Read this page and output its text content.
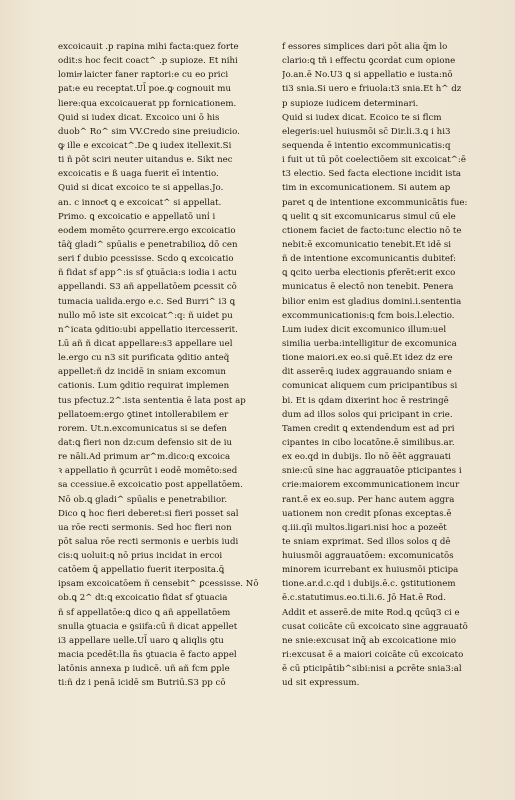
excoicauit .p rapina mihi facta:quez forte
odit:s hoc fecit coact^ .p supioze. Et nihi
lominͣ laicter faner raptori:e cu eo prici
pat:e eu receptat.Ul̄ poe.ꝙ cognouit mu
liere:qua excoicauerat pp fornicationem.
Quid si iudex dicat. Excoico uni ō his
duob^ Ro^ sim VV.Credo sine preiudicio.
ꝙ ille e excoicat^.De ꝗ iudex itellexit.Si
ti ñ pōt sciri neuter uitandus e. Sikt nec
excoicatis e ß uaga fuerit eī intentio.
Quid si dicat excoico te si appellas.Jo.
an. c innocͣt ꝗ e excoicat^ si appellat.
Primo. ꝗ excoicatio e appellatō uni̾ i
eodem momēto ꝯcurrere.ergo excoicatio
tāq̃ gladi^ spūalis e penetrabilioꝝ dō cen
seri f dubio ꝑcessisse. Scdo ꝗ excoicatio
ñ fidat sf app^:is sf ꝯtuācia:s iodia i actu
appellandi. S3 añ appellatōem ꝑcessit cō
tumacia ualida.ergo e.c. Sed Burri^ i3 ꝗ
nullo mō iste sit excoicat^:q: ñ uidet pu
n^icata ꝯditio:ubi appellatio itercesserit.
Lū añ ñ dicat appellare:s3 appellare uel
le.ergo cu n3 sit purificata ꝯditio anteq̃
appellet:ñ dz incidē in sniam excomun
cationis. Lum ꝯditio requirat implemen
tus pfectuz.2^.ista sententia ē lata post ap
pellatoem:ergo ꝯtinet intollerabilem er
rorem. Ut.n.excomunicatus si se defen
dat:ꝗ fieri non dz:cum defensio sit de iu
re nāli.Ad primum ar^m.dico:ꝗ excoica
ꝛ appellatio ñ ꝯcurrūt i eodē momēto:sed
sa ccessiue.ē excoicatio post appellatōem.
Nō ob.ꝗ gladi^ spūalis e penetrabilior.
Dico ꝗ hoc fieri deberet:si fieri posset sal
ua rōe recti sermonis. Sed hoc fieri non
pōt salua rōe recti sermonis e uerbis iudi
cis:ꝗ uoluit:ꝗ nō prius incidat in ercoi
catōem ꝗ̄ appellatio fuerit iterposita.ꝗ̄
ipsam excoicatōem ñ censebit^ ꝑcessisse. Nō
ob.ꝗ 2^ dt:ꝗ excoicatio fidat sf ꝯtuacia
ñ sf appellatōe:ꝗ dico ꝗ añ appellatōem
snulla ꝯtuacia e ꝯsiifa:cū ñ dicat appellet
i3 appellare uelle.Ul̄ uaro ꝗ aliqlis ꝯtu
macia pcedēt:lla n̄s ꝯtuacia ē facto appel
latōnis annexa p iudicē. uñ añ fcm ꝑple
ti:ñ dz i penā icidē sm Butriū.S3 pp cō
f essores simplices dari pōt alia q̄m lo
clario:ꝗ tñ i effectu ꝯcordat cum opione
Jo.an.ē No.U3 ꝗ si appellatio e iusta:nō
ti3 snia.Si uero e friuola:t3 snia.Et h^ dz
p supioze iudicem determinari.
Quid si iudex dicat. Ecoico te si flcm
elegeris:uel huiusmōi sc̄ Dir.li.3.ꝗ i hi3
sequenda ē intentio excommunicatis:q
i fuit ut tū pōt coelectiōem sit excoicat^:ē
t3 electio. Sed facta electione incidit ista
tim in excomunicationem. Si autem ap
paret ꝗ de intentione excommunicātis fue:
ꝗ uelit ꝗ sit excomunicarus simul cū ele
ctionem faciet de facto:tunc electio nō te
nebit:ē excomunicatio tenebit.Et idē si
ñ de intentione excomunicantis dubitef:
ꝗ ꝗcito uerba electionis ꝑferēt:erit exco
municatus ē electō non tenebit. Penera
bilior enim est gladius domini.i.sententia
excommunicationis:ꝗ fcm bois.l.electio.
Lum iudex dicit excomunico illum:uel
similia uerba:intelligitur de excomunica
tione maiori.ex eo.si quē.Et idez dz ere
dit asserē:ꝗ iudex aggrauando sniam e
comunicat aliquem cum pricipantibus si
bi. Et is qdam dixerint hoc ē restringē
dum ad illos solos qui pricipant in crie.
Tamen credit ꝗ extendendum est ad pri
cipantes in cibo locatōne.ē similibus.ar.
ex eo.qd in dubijs. Ilo nō ēēt aggrauati
snie:cū sine hac aggrauatōe pticipantes i
crie:maiorem excommunicationem incur
rant.ē ex eo.sup. Per hanc autem aggra
uationem non credit pſonas exceptas.ē
q.iii.qīi multos.ligari.nisi hoc a pozeēt
te sniam exprimat. Sed illos solos q dē
huiusmōi aggrauatōem: excomunicatōs
minorem icurrebant ex huiusmōi pticipa
tione.ar.d.c.qd i dubijs.ē.c. ꝯstitutionem
ē.c.statutimus.eo.ti.li.6. Jō Hat.ē Rod.
Addit et asserē.de mite Rod.ꝗ qcūq3 ci e
cusat coiicāte cū excoicato sine aggrauatō
ne snie:excusat inq̄ ab excoicatione mio
ri:excusat ē a maiori coicāte cū excoicato
ē cū pticipātib^sibi:nisi a ꝑcrēte snia3:al
ud sit expressum.
